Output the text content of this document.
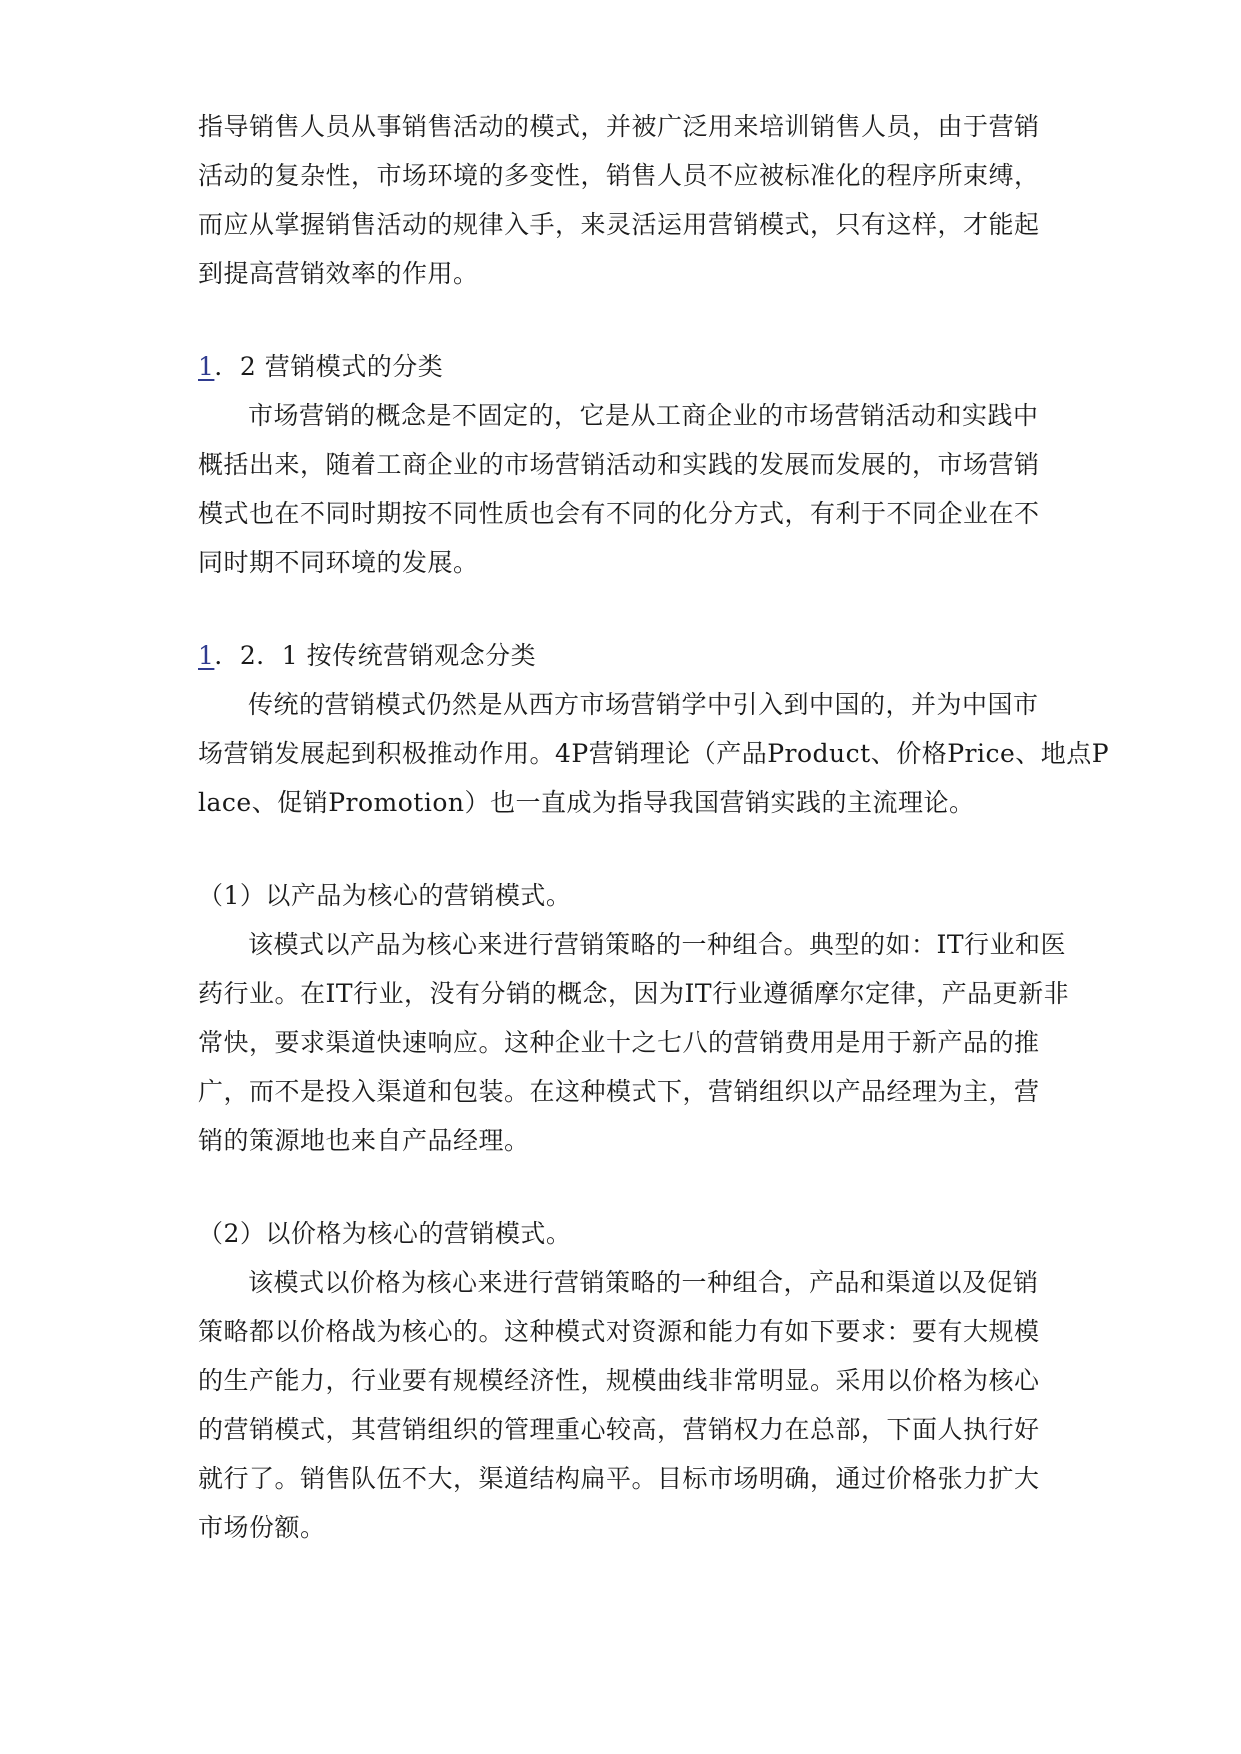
指导销售人员从事销售活动的模式，并被广泛用来培训销售人员，由于营销
活动的复杂性，市场环境的多变性，销售人员不应被标准化的程序所束缚，
而应从掌握销售活动的规律入手，来灵活运用营销模式，只有这样，才能起
到提高营销效率的作用。
1．2 营销模式的分类
市场营销的概念是不固定的，它是从工商企业的市场营销活动和实践中
概括出来，随着工商企业的市场营销活动和实践的发展而发展的，市场营销
模式也在不同时期按不同性质也会有不同的化分方式，有利于不同企业在不
同时期不同环境的发展。
1．2．1 按传统营销观念分类
传统的营销模式仍然是从西方市场营销学中引入到中国的，并为中国市
场营销发展起到积极推动作用。4P营销理论（产品Product、价格Price、地点P
lace、促销Promotion）也一直成为指导我国营销实践的主流理论。
（1）以产品为核心的营销模式。
该模式以产品为核心来进行营销策略的一种组合。典型的如：IT行业和医
药行业。在IT行业，没有分销的概念，因为IT行业遵循摩尔定律，产品更新非
常快，要求渠道快速响应。这种企业十之七八的营销费用是用于新产品的推
广，而不是投入渠道和包装。在这种模式下，营销组织以产品经理为主，营
销的策源地也来自产品经理。
（2）以价格为核心的营销模式。
该模式以价格为核心来进行营销策略的一种组合，产品和渠道以及促销
策略都以价格战为核心的。这种模式对资源和能力有如下要求：要有大规模
的生产能力，行业要有规模经济性，规模曲线非常明显。采用以价格为核心
的营销模式，其营销组织的管理重心较高，营销权力在总部，下面人执行好
就行了。销售队伍不大，渠道结构扁平。目标市场明确，通过价格张力扩大
市场份额。
